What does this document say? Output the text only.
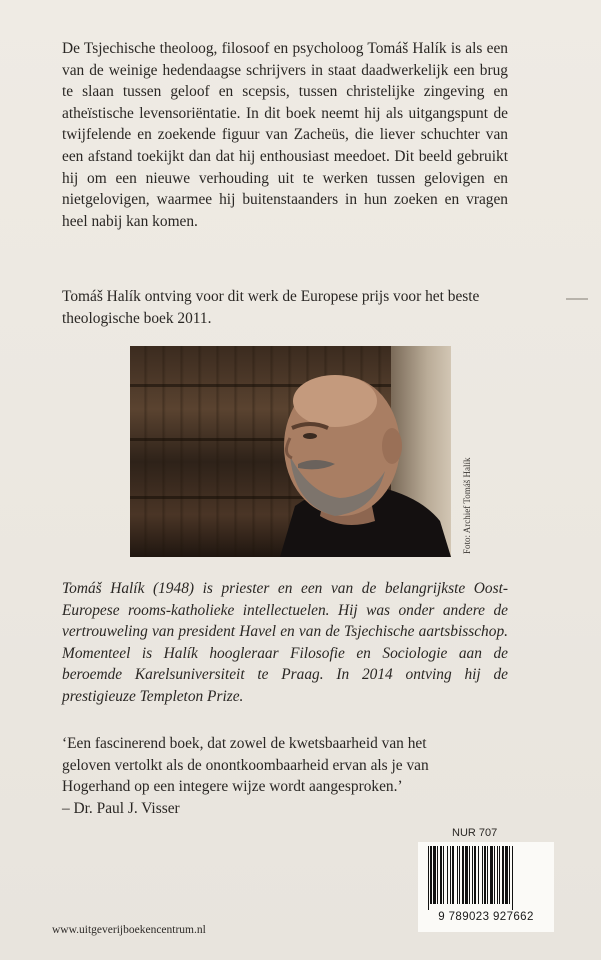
De Tsjechische theoloog, filosoof en psycholoog Tomáš Halík is als een van de weinige hedendaagse schrijvers in staat daadwerkelijk een brug te slaan tussen geloof en scepsis, tussen christelijke zingeving en atheïstische levensoriëntatie. In dit boek neemt hij als uitgangspunt de twijfelende en zoekende figuur van Zacheüs, die liever schuchter van een afstand toekijkt dan dat hij enthousiast meedoet. Dit beeld gebruikt hij om een nieuwe verhouding uit te werken tussen gelovigen en nietgelovigen, waarmee hij buitenstaanders in hun zoeken en vragen heel nabij kan komen.

Tomáš Halík ontving voor dit werk de Europese prijs voor het beste theologische boek 2011.

Foto: Archief Tomáš Halík

Tomáš Halík (1948) is priester en een van de belangrijkste Oost-Europese rooms-katholieke intellectuelen. Hij was onder andere de vertrouweling van president Havel en van de Tsjechische aartsbisschop. Momenteel is Halík hoogleraar Filosofie en Sociologie aan de beroemde Karelsuniversiteit te Praag. In 2014 ontving hij de prestigieuze Templeton Prize.

‘Een fascinerend boek, dat zowel de kwetsbaarheid van het
geloven vertolkt als de onontkoombaarheid ervan als je van
Hogerhand op een integere wijze wordt aangesproken.’
– Dr. Paul J. Visser

NUR 707
9 789023 927662
www.uitgeverijboekencentrum.nl
